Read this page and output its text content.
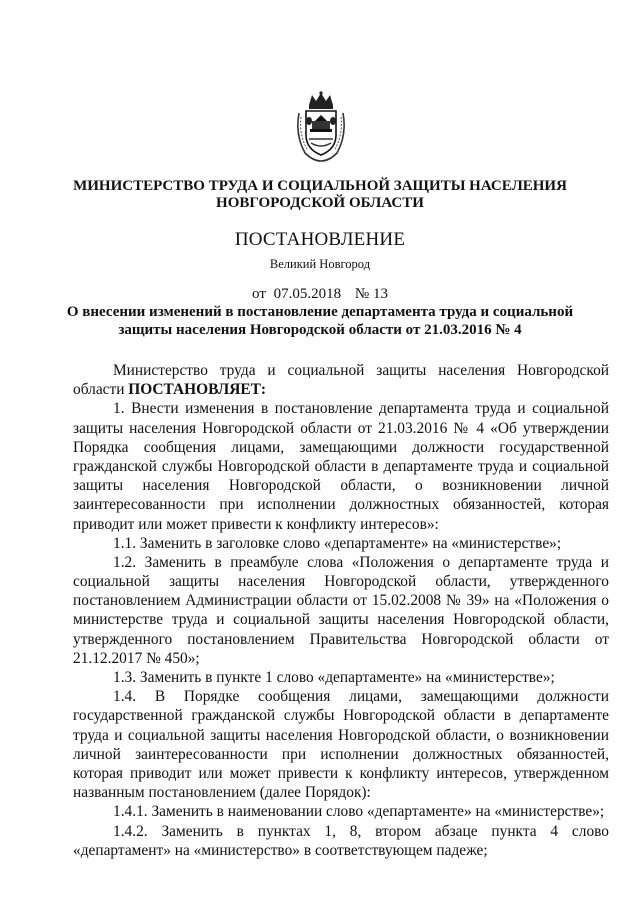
МИНИСТЕРСТВО ТРУДА И СОЦИАЛЬНОЙ ЗАЩИТЫ НАСЕЛЕНИЯ
НОВГОРОДСКОЙ ОБЛАСТИ
ПОСТАНОВЛЕНИЕ
Великий Новгород
от 07.05.2018 № 13
О внесении изменений в постановление департамента труда и социальной
защиты населения Новгородской области от 21.03.2016 № 4
Министерство труда и социальной защиты населения Новгородской
области ПОСТАНОВЛЯЕТ:
1. Внести изменения в постановление департамента труда и социальной
защиты населения Новгородской области от 21.03.2016 № 4 «Об утверждении
Порядка сообщения лицами, замещающими должности государственной
гражданской службы Новгородской области в департаменте труда и социальной
защиты населения Новгородской области, о возникновении личной
заинтересованности при исполнении должностных обязанностей, которая
приводит или может привести к конфликту интересов»:
1.1. Заменить в заголовке слово «департаменте» на «министерстве»;
1.2. Заменить в преамбуле слова «Положения о департаменте труда и
социальной защиты населения Новгородской области, утвержденного
постановлением Администрации области от 15.02.2008 № 39» на «Положения о
министерстве труда и социальной защиты населения Новгородской области,
утвержденного постановлением Правительства Новгородской области от
21.12.2017 № 450»;
1.3. Заменить в пункте 1 слово «департаменте» на «министерстве»;
1.4. В Порядке сообщения лицами, замещающими должности
государственной гражданской службы Новгородской области в департаменте
труда и социальной защиты населения Новгородской области, о возникновении
личной заинтересованности при исполнении должностных обязанностей,
которая приводит или может привести к конфликту интересов, утвержденном
названным постановлением (далее Порядок):
1.4.1. Заменить в наименовании слово «департаменте» на «министерстве»;
1.4.2. Заменить в пунктах 1, 8, втором абзаце пункта 4 слово
«департамент» на «министерство» в соответствующем падеже;
